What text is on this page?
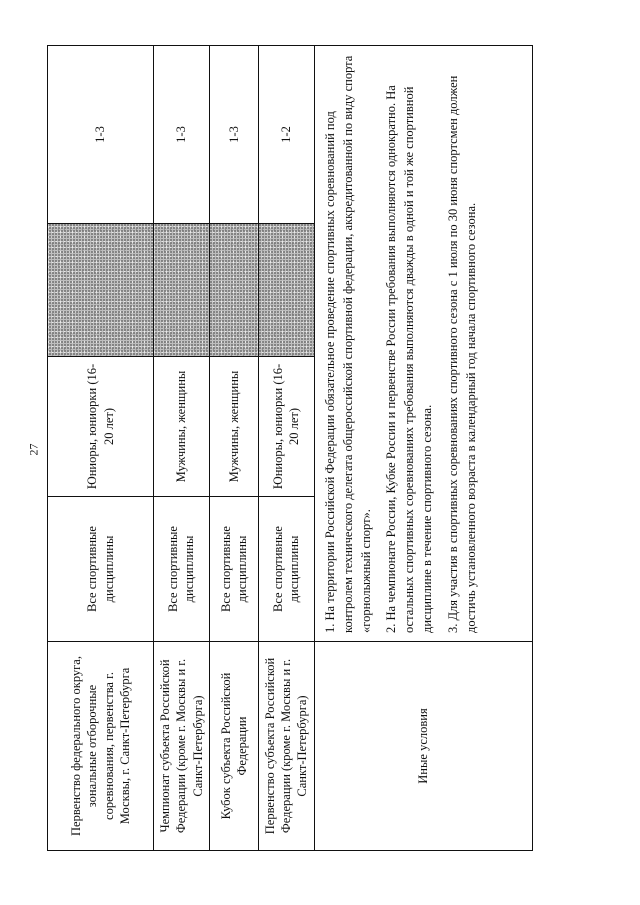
27
Первенство федерального округа, зональные отборочные соревнования, первенства г. Москвы, г. Санкт-Петербурга	Все спортивные дисциплины	Юниоры, юниорки (16-20 лет)		1-3
Чемпионат субъекта Российской Федерации (кроме г. Москвы и г. Санкт-Петербурга)	Все спортивные дисциплины	Мужчины, женщины		1-3
Кубок субъекта Российской Федерации	Все спортивные дисциплины	Мужчины, женщины		1-3
Первенство субъекта Российской Федерации (кроме г. Москвы и г. Санкт-Петербурга)	Все спортивные дисциплины	Юниоры, юниорки (16-20 лет)		1-2
Иные условия	1. На территории Российской Федерации обязательное проведение спортивных соревнований под контролем технического делегата общероссийской спортивной федерации, аккредитованной по виду спорта «горнолыжный спорт». 2. На чемпионате России, Кубке России и первенстве России требования выполняются однократно. На остальных спортивных соревнованиях требования выполняются дважды в одной и той же спортивной дисциплине в течение спортивного сезона. 3. Для участия в спортивных соревнованиях спортивного сезона с 1 июля по 30 июня спортсмен должен достичь установленного возраста в календарный год начала спортивного сезона.			
